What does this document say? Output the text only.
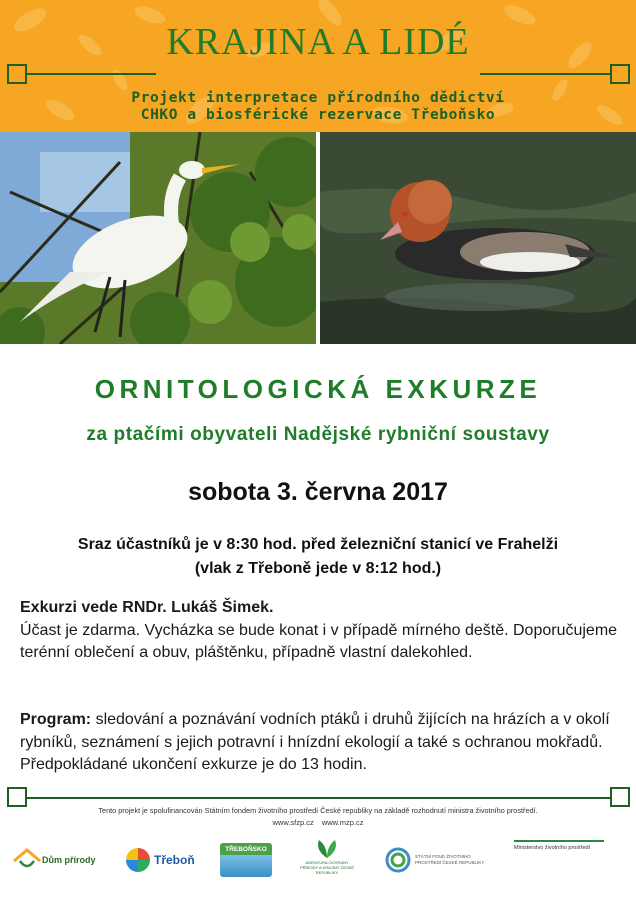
KRAJINA A LIDÉ
Projekt interpretace přírodního dědictví
CHKO a biosférické rezervace Třeboňsko
ORNITOLOGICKÁ EXKURZE
za ptačími obyvateli Nadějské rybniční soustavy
sobota 3. června 2017
Sraz účastníků je v 8:30 hod. před železniční stanicí ve Frahelži
(vlak z Třeboně jede v 8:12 hod.)
Exkurzi vede RNDr. Lukáš Šimek.
Účast je zdarma. Vycházka se bude konat i v případě mírného deště. Doporučujeme terénní oblečení a obuv, pláštěnku, případně vlastní dalekohled.
Program: sledování a poznávání vodních ptáků i druhů žijících na hrázích a v okolí rybníků, seznámení s jejich potravní i hnízdní ekologií a také s ochranou mokřadů. Předpokládané ukončení exkurze je do 13 hodin.
Tento projekt je spolufinancován Státním fondem životního prostředí České republiky na základě rozhodnutí ministra životního prostředí.
www.sfzp.cz www.mzp.cz
Dům přírody	Třeboň
TŘEBOŇSKO
AGENTURA OCHRANY PŘÍRODY A KRAJINY ČESKÉ REPUBLIKY
STÁTNÍ FOND ŽIVOTNÍHO PROSTŘEDÍ ČESKÉ REPUBLIKY
Ministerstvo životního prostředí
